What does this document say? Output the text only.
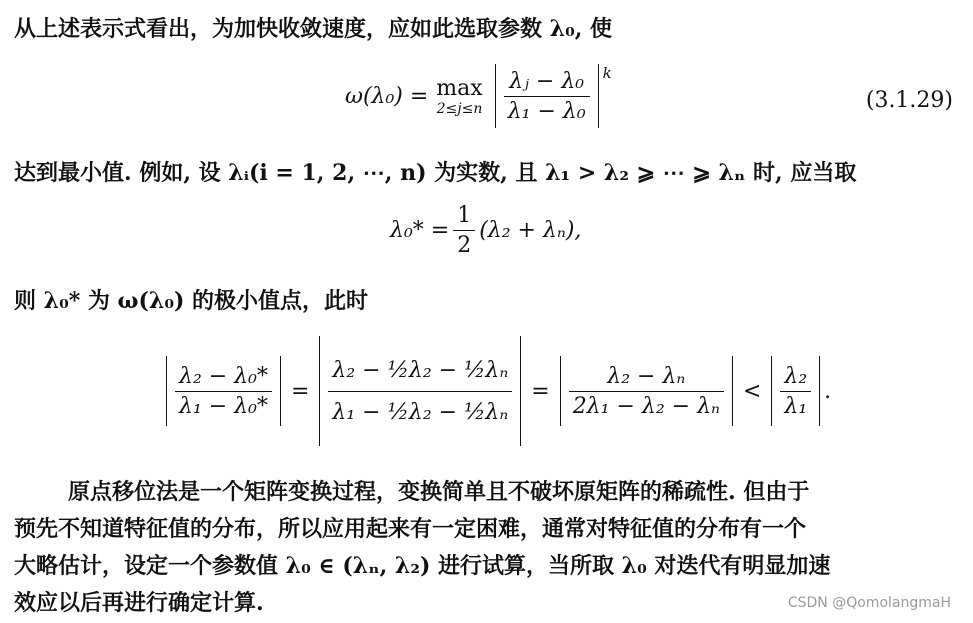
从上述表示式看出，为加快收敛速度，应如此选取参数 λ₀, 使
ω(λ₀) = max
$2\le j\le n \frac{\text{λⱼ − λ₀}}{\text{λ₁ − λ₀}}$ k
(3.1.29)
达到最小值. 例如, 设 λᵢ(i = 1, 2, ⋯, n) 为实数, 且 λ₁ > λ₂ ⩾ ⋯ ⩾ λₙ 时, 应当取
$\lambda_0* = \frac{1}{2} (\lambda_2 + \lambda_n)$,
则 λ₀* 为 ω(λ₀) 的极小值点，此时
$\frac{\text{λ₂ − λ₀*}}{\text{λ₁ − λ₀*}} = \frac{\text{λ₂ − ½λ₂ − ½λₙ}}{\text{λ₁ − ½λ₂ − ½λₙ}} = \frac{\text{λ₂ − λₙ}}{\text{2λ₁ − λ₂ − λₙ}} < \frac{\text{λ₂}}{\text{λ₁}}$ .
原点移位法是一个矩阵变换过程，变换简单且不破坏原矩阵的稀疏性. 但由于
预先不知道特征值的分布，所以应用起来有一定困难，通常对特征值的分布有一个
大略估计，设定一个参数值 λ₀ ∈ (λₙ, λ₂) 进行试算，当所取 λ₀ 对迭代有明显加速
效应以后再进行确定计算.	CSDN @QomolangmaH
